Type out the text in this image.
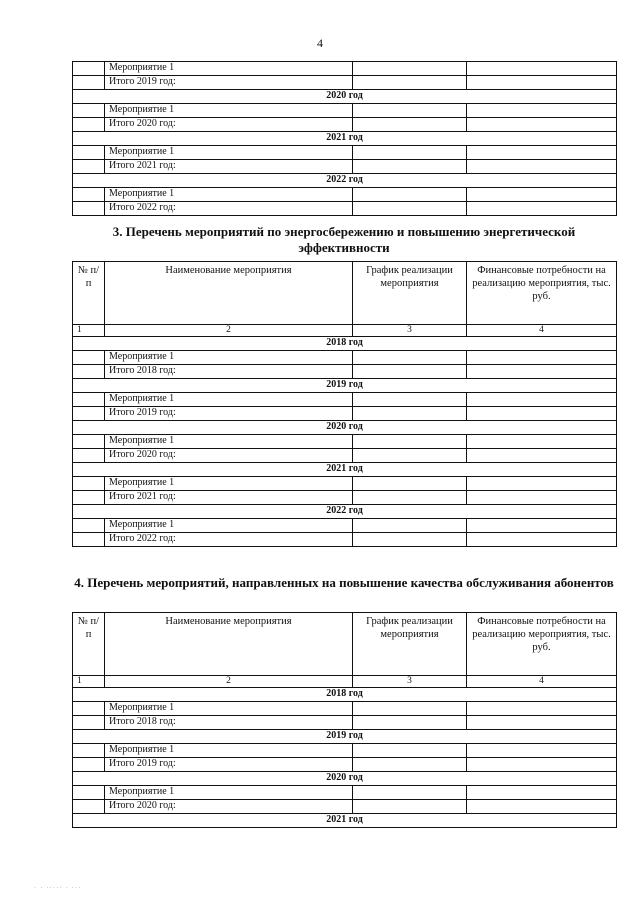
4
	Мероприятие 1		
	Итого 2019 год:		
2020 год			
	Мероприятие 1		
	Итого 2020 год:		
2021 год			
	Мероприятие 1		
	Итого 2021 год:		
2022 год			
	Мероприятие 1		
	Итого 2022 год:		
3. Перечень мероприятий по энергосбережению и повышению энергетической эффективности
№ п/п	Наименование мероприятия	График реализации мероприятия	Финансовые потребности на реализацию мероприятия, тыс. руб.
1	2	3	4
2018 год			
	Мероприятие 1		
	Итого 2018 год:		
2019 год			
	Мероприятие 1		
	Итого 2019 год:		
2020 год			
	Мероприятие 1		
	Итого 2020 год:		
2021 год			
	Мероприятие 1		
	Итого 2021 год:		
2022 год			
	Мероприятие 1		
	Итого 2022 год:		
4. Перечень мероприятий, направленных на повышение качества обслуживания абонентов
№ п/п	Наименование мероприятия	График реализации мероприятия	Финансовые потребности на реализацию мероприятия, тыс. руб.
1	2	3	4
2018 год			
	Мероприятие 1		
	Итого 2018 год:		
2019 год			
	Мероприятие 1		
	Итого 2019 год:		
2020 год			
	Мероприятие 1		
	Итого 2020 год:		
2021 год			
· · ····· · ···
